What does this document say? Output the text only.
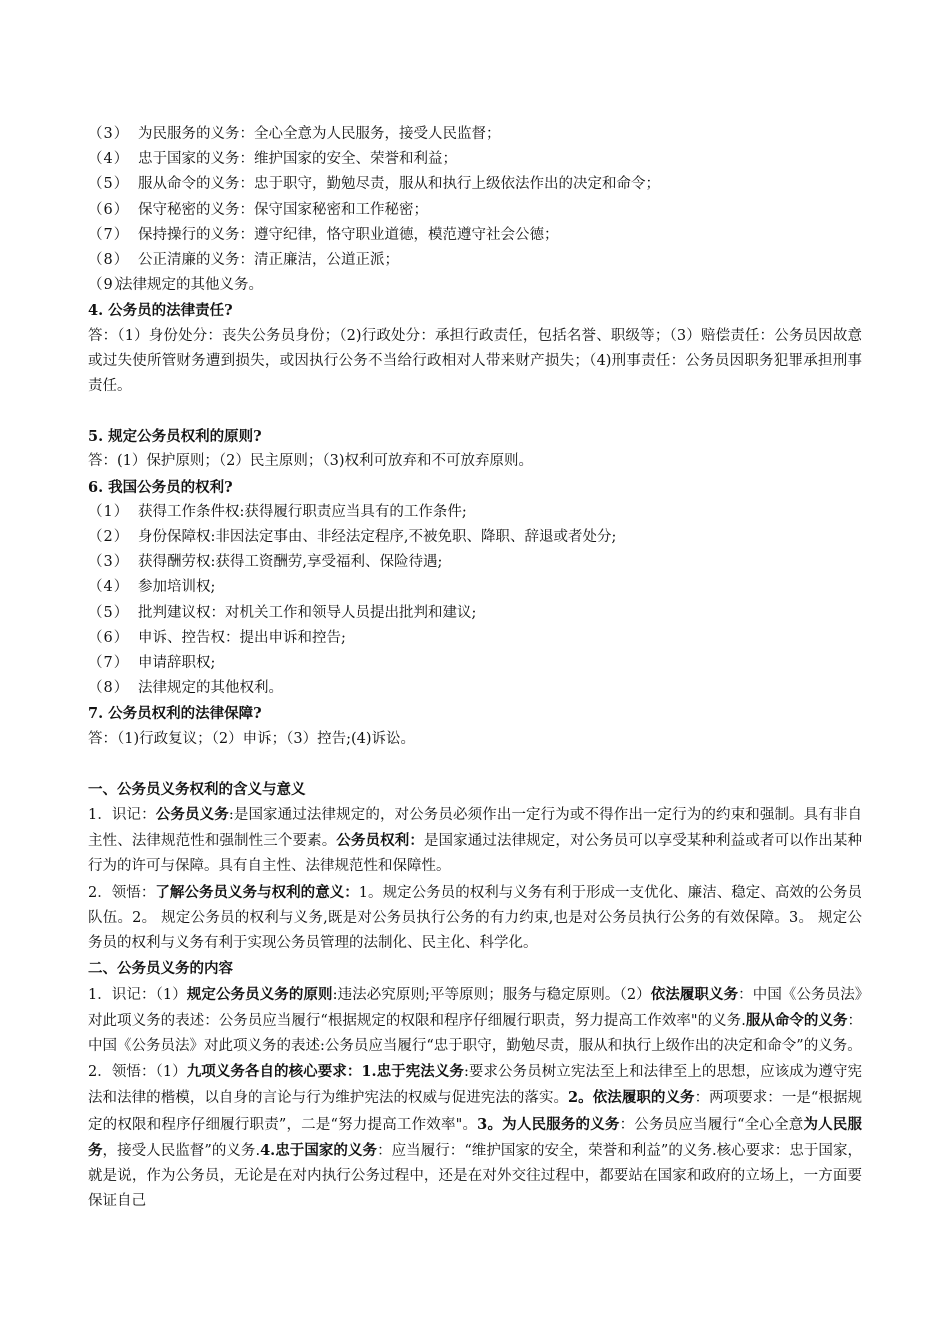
（3） 为民服务的义务：全心全意为人民服务，接受人民监督；
（4） 忠于国家的义务：维护国家的安全、荣誉和利益；
（5） 服从命令的义务：忠于职守，勤勉尽责，服从和执行上级依法作出的决定和命令；
（6） 保守秘密的义务：保守国家秘密和工作秘密；
（7） 保持操行的义务：遵守纪律，恪守职业道德，模范遵守社会公德；
（8） 公正清廉的义务：清正廉洁，公道正派；
（9）
法律规定的其他义务。
4. 公务员的法律责任?
答：（1）身份处分：丧失公务员身份；（2)行政处分：承担行政责任，包括名誉、职级等；（3）赔偿责任：公务员因故意或过失使所管财务遭到损失，或因执行公务不当给行政相对人带来财产损失；（4)刑事责任：公务员因职务犯罪承担刑事责任。
5. 规定公务员权利的原则?
答：(1）保护原则；（2）民主原则；（3)权利可放弃和不可放弃原则。
6. 我国公务员的权利?
（1） 获得工作条件权:获得履行职责应当具有的工作条件;
（2） 身份保障权:非因法定事由、非经法定程序,不被免职、降职、辞退或者处分;
（3） 获得酬劳权:获得工资酬劳,享受福利、保险待遇;
（4） 参加培训权;
（5） 批判建议权：对机关工作和领导人员提出批判和建议;
（6） 申诉、控告权：提出申诉和控告;
（7） 申请辞职权;
（8） 法律规定的其他权利。
7. 公务员权利的法律保障?
答：（1)行政复议；（2）申诉；（3）控告;(4)诉讼。
一、公务员义务权利的含义与意义
1．识记：公务员义务:是国家通过法律规定的，对公务员必须作出一定行为或不得作出一定行为的约束和强制。具有非自主性、法律规范性和强制性三个要素。公务员权利：是国家通过法律规定，对公务员可以享受某种利益或者可以作出某种行为的许可与保障。具有自主性、法律规范性和保障性。
2．领悟：了解公务员义务与权利的意义：1。规定公务员的权利与义务有利于形成一支优化、廉洁、稳定、高效的公务员队伍。2。 规定公务员的权利与义务,既是对公务员执行公务的有力约束,也是对公务员执行公务的有效保障。3。 规定公务员的权利与义务有利于实现公务员管理的法制化、民主化、科学化。
二、公务员义务的内容
1．识记：（1）规定公务员义务的原则:违法必究原则;平等原则；服务与稳定原则。（2）依法履职义务：中国《公务员法》对此项义务的表述：公务员应当履行“根据规定的权限和程序仔细履行职责，努力提高工作效率"的义务.服从命令的义务：中国《公务员法》对此项义务的表述:公务员应当履行“忠于职守，勤勉尽责，服从和执行上级作出的决定和命令”的义务。
2．领悟：（1）九项义务各自的核心要求：1.忠于宪法义务:要求公务员树立宪法至上和法律至上的思想，应该成为遵守宪法和法律的楷模，以自身的言论与行为维护宪法的权威与促进宪法的落实。2。依法履职的义务：两项要求：一是“根据规定的权限和程序仔细履行职责”，二是“努力提高工作效率"。3。为人民服务的义务：公务员应当履行“全心全意为人民服务，接受人民监督”的义务.4.忠于国家的义务：应当履行：“维护国家的安全，荣誉和利益”的义务.核心要求：忠于国家，就是说，作为公务员，无论是在对内执行公务过程中，还是在对外交往过程中，都要站在国家和政府的立场上，一方面要保证自己
